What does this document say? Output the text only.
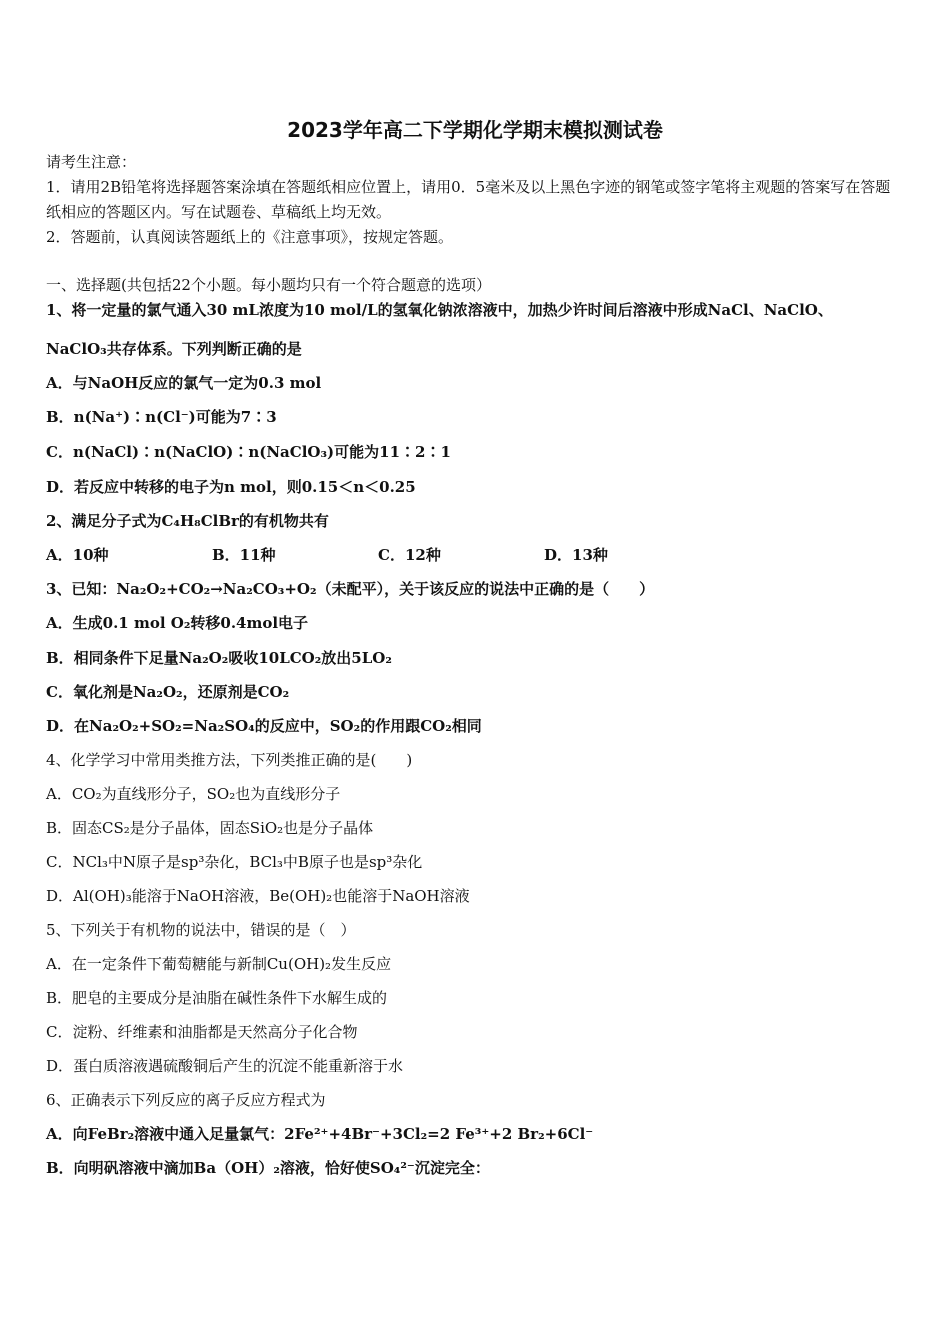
2023学年高二下学期化学期末模拟测试卷
请考生注意：
1．请用2B铅笔将选择题答案涂填在答题纸相应位置上，请用0．5毫米及以上黑色字迹的钢笔或签字笔将主观题的答案写在答题纸相应的答题区内。写在试题卷、草稿纸上均无效。
2．答题前，认真阅读答题纸上的《注意事项》，按规定答题。
一、选择题(共包括22个小题。每小题均只有一个符合题意的选项）
1、将一定量的氯气通入30 mL浓度为10 mol/L的氢氧化钠浓溶液中，加热少许时间后溶液中形成NaCl、NaClO、
NaClO₃共存体系。下列判断正确的是
A．与NaOH反应的氯气一定为0.3 mol
B．n(Na⁺)∶n(Cl⁻)可能为7∶3
C．n(NaCl)∶n(NaClO)∶n(NaClO₃)可能为11∶2∶1
D．若反应中转移的电子为n mol，则0.15＜n＜0.25
2、满足分子式为C₄H₈ClBr的有机物共有
A．10种	B．11种	C．12种	D．13种
3、已知：Na₂O₂+CO₂→Na₂CO₃+O₂（未配平），关于该反应的说法中正确的是（　　）
A．生成0.1 mol O₂转移0.4mol电子
B．相同条件下足量Na₂O₂吸收10LCO₂放出5LO₂
C．氧化剂是Na₂O₂，还原剂是CO₂
D．在Na₂O₂+SO₂=Na₂SO₄的反应中，SO₂的作用跟CO₂相同
4、化学学习中常用类推方法，下列类推正确的是(　　)
A．CO₂为直线形分子，SO₂也为直线形分子
B．固态CS₂是分子晶体，固态SiO₂也是分子晶体
C．NCl₃中N原子是sp³杂化，BCl₃中B原子也是sp³杂化
D．Al(OH)₃能溶于NaOH溶液，Be(OH)₂也能溶于NaOH溶液
5、下列关于有机物的说法中，错误的是（　）
A．在一定条件下葡萄糖能与新制Cu(OH)₂发生反应
B．肥皂的主要成分是油脂在碱性条件下水解生成的
C．淀粉、纤维素和油脂都是天然高分子化合物
D．蛋白质溶液遇硫酸铜后产生的沉淀不能重新溶于水
6、正确表示下列反应的离子反应方程式为
A．向FeBr₂溶液中通入足量氯气：2Fe²⁺+4Br⁻+3Cl₂=2 Fe³⁺+2 Br₂+6Cl⁻
B．向明矾溶液中滴加Ba（OH）₂溶液，恰好使SO₄²⁻沉淀完全：
